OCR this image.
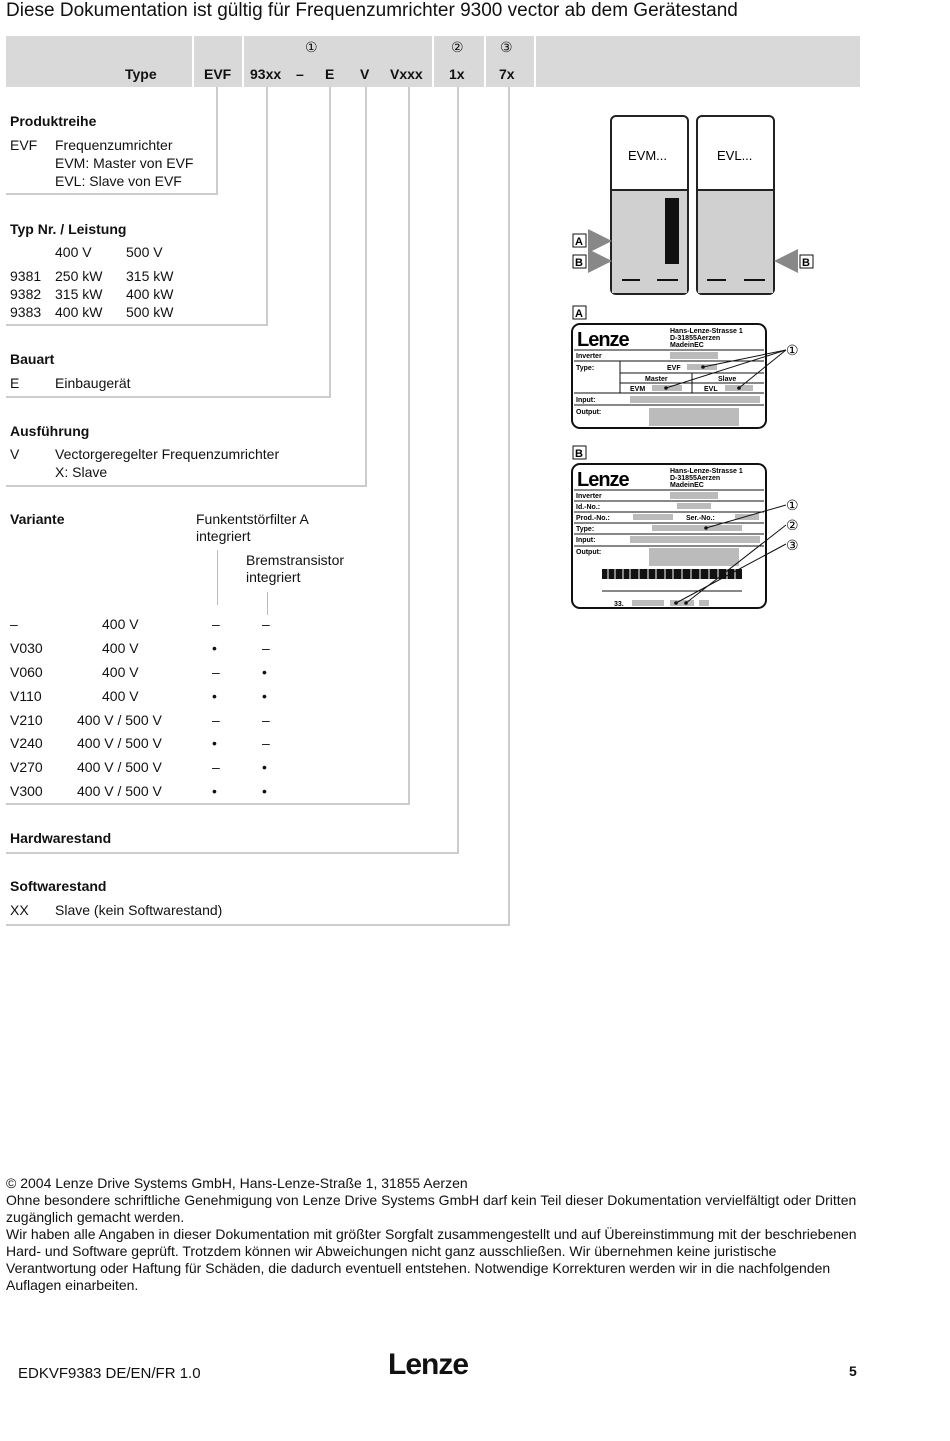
Diese Dokumentation ist gültig für Frequenzumrichter 9300 vector ab dem Gerätestand
①	②	③
Type	EVF 93xx – E V Vxxx 1x 7x
Produktreihe
EVF Frequenzumrichter
EVM: Master von EVF
EVL: Slave von EVF
Typ Nr. / Leistung
400 V 500 V
9381 250 kW 315 kW
9382 315 kW 400 kW
9383 400 kW 500 kW
Bauart
E	Einbaugerät
Ausführung
V	Vectorgeregelter Frequenzumrichter
X: Slave
Variante	Funkentstörfilter A
integriert
Bremstransistor
integriert
–	400 V	–	–
V030	400 V	•	–
V060	400 V	–	•
V110	400 V	•	•
V210 400 V / 500 V	–	–
V240 400 V / 500 V	•	–
V270 400 V / 500 V	–	•
V300 400 V / 500 V	•	•
Hardwarestand
Softwarestand
XX Slave (kein Softwarestand)
EVM...	EVL...
A
B	B
A
Lenze	Hans-Lenze-Strasse 1
D-31855Aerzen
MadeinEC
Inverter
Type:	EVF
Master	Slave
EVM	EVL
Input:
Output:
①
B
Lenze	Hans-Lenze-Strasse 1
D-31855Aerzen
MadeinEC
Inverter
Id.-No.:
Prod.-No.:	Ser.-No.:
Type:
Input:
Output:
33.
①
②
③

© 2004 Lenze Drive Systems GmbH, Hans-Lenze-Straße 1, 31855 Aerzen

Ohne besondere schriftliche Genehmigung von Lenze Drive Systems GmbH darf kein Teil dieser Dokumentation vervielfältigt oder Dritten zugänglich gemacht werden.

Wir haben alle Angaben in dieser Dokumentation mit größter Sorgfalt zusammengestellt und auf Übereinstimmung mit der beschriebenen Hard- und Software geprüft. Trotzdem können wir Abweichungen nicht ganz ausschließen. Wir übernehmen keine juristische Verantwortung oder Haftung für Schäden, die dadurch eventuell entstehen. Notwendige Korrekturen werden wir in die nachfolgenden Auflagen einarbeiten.

EDKVF9383 DE/EN/FR 1.0	Lenze	5
